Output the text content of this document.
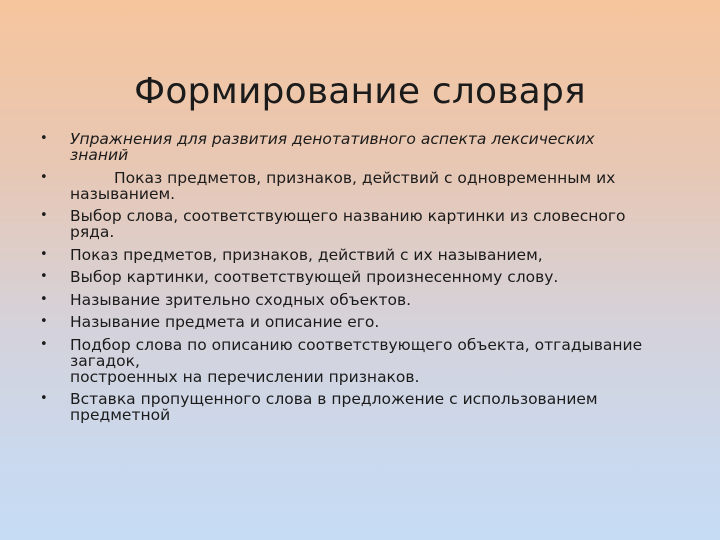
Формирование словаря
• Упражнения для развития денотативного аспекта лексических
знаний
•	Показ предметов, признаков, действий с одновременным их
называнием.
• Выбор слова, соответствующего названию картинки из словесного
ряда.
• Показ предметов, признаков, действий с их называнием,
• Выбор картинки, соответствующей произнесенному слову.
• Называние зрительно сходных объектов.
• Называние предмета и описание его.
• Подбор слова по описанию соответствующего объекта, отгадывание
загадок,
построенных на перечислении признаков.
• Вставка пропущенного слова в предложение с использованием
предметной
